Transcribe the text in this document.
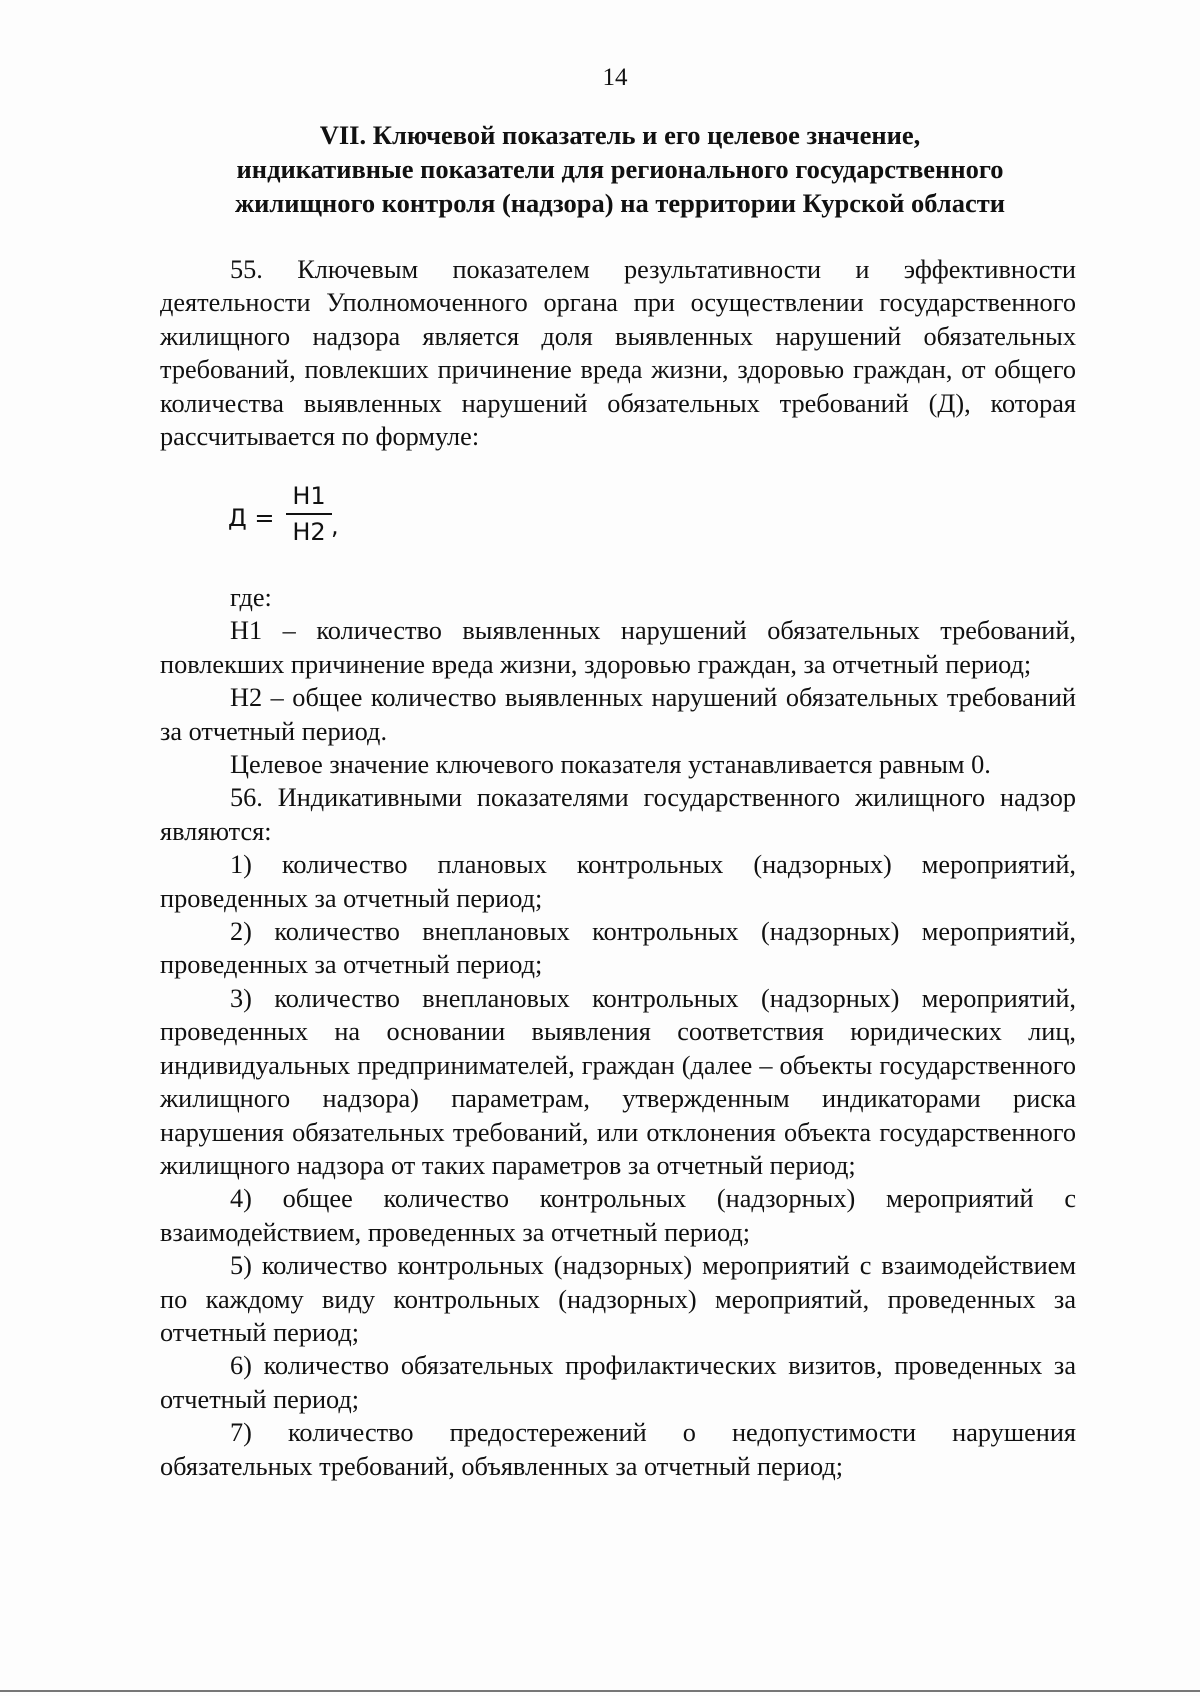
14
VII. Ключевой показатель и его целевое значение,
индикативные показатели для регионального государственного
жилищного контроля (надзора) на территории Курской области

55. Ключевым показателем результативности и эффективности деятельности Уполномоченного органа при осуществлении государственного жилищного надзора является доля выявленных нарушений обязательных требований, повлекших причинение вреда жизни, здоровью граждан, от общего количества выявленных нарушений обязательных требований (Д), которая рассчитывается по формуле:

Д =
Н1
Н2 ,

где:

Н1 – количество выявленных нарушений обязательных требований, повлекших причинение вреда жизни, здоровью граждан, за отчетный период;

Н2 – общее количество выявленных нарушений обязательных требований за отчетный период.

Целевое значение ключевого показателя устанавливается равным 0.

56. Индикативными показателями государственного жилищного надзор являются:

1) количество плановых контрольных (надзорных) мероприятий, проведенных за отчетный период;

2) количество внеплановых контрольных (надзорных) мероприятий, проведенных за отчетный период;

3) количество внеплановых контрольных (надзорных) мероприятий, проведенных на основании выявления соответствия юридических лиц, индивидуальных предпринимателей, граждан (далее – объекты государственного жилищного надзора) параметрам, утвержденным индикаторами риска нарушения обязательных требований, или отклонения объекта государственного жилищного надзора от таких параметров за отчетный период;

4) общее количество контрольных (надзорных) мероприятий с взаимодействием, проведенных за отчетный период;

5) количество контрольных (надзорных) мероприятий с взаимодействием по каждому виду контрольных (надзорных) мероприятий, проведенных за отчетный период;

6) количество обязательных профилактических визитов, проведенных за отчетный период;

7) количество предостережений о недопустимости нарушения обязательных требований, объявленных за отчетный период;
